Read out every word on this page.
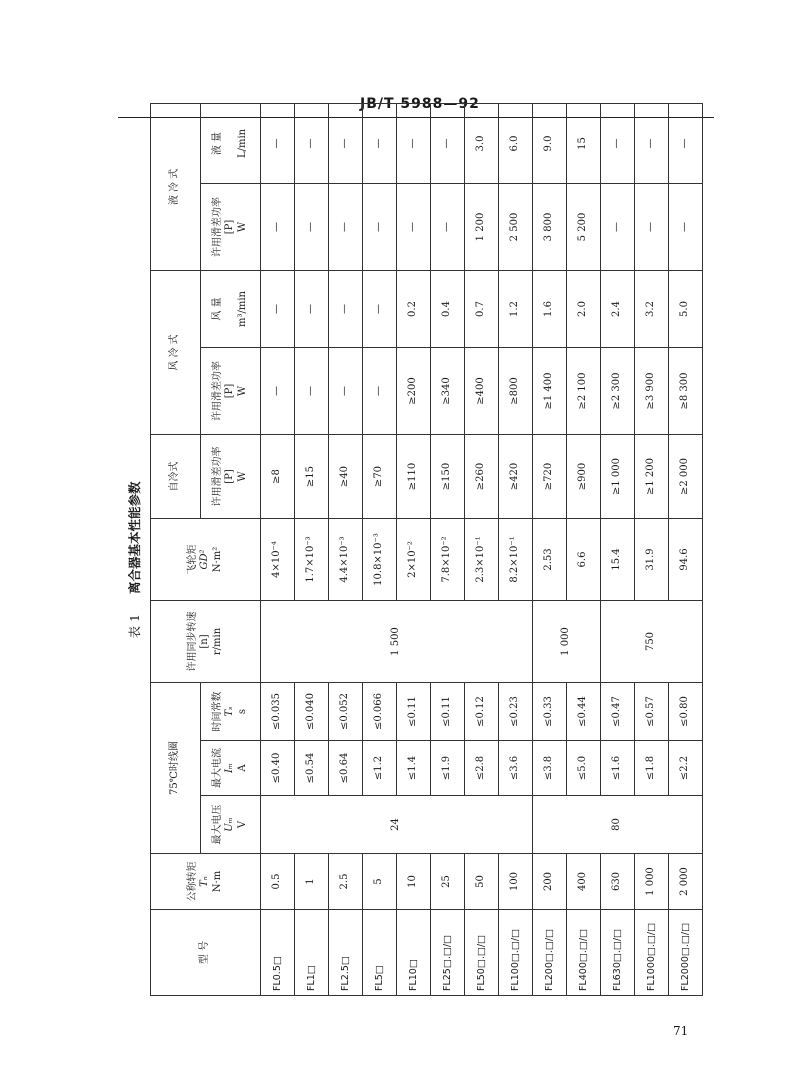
JB/T 5988—92
表 1离合器基本性能参数
型 号	公称转矩 Tₙ N·m	75℃时线圈			许用同步转速 [n] r/min	飞轮矩 GD² N·m²	自冷式	风 冷 式		液 冷 式	

		最大电压 Uₘ V	最大电流 Iₘ A	时间常数 Tₛ s			许用滑差功率 [P] W	许用滑差功率 [P] W	风 量 m³/min	许用滑差功率 [P] W	液 量 L/min
FL0.5□	0.5	24	≤0.40	≤0.035	1 500	4×10⁻⁴	≥8	—	—	—	—
FL1□	1		≤0.54	≤0.040		1.7×10⁻³	≥15	—	—	—	—
FL2.5□	2.5		≤0.64	≤0.052		4.4×10⁻³	≥40	—	—	—	—
FL5□	5		≤1.2	≤0.066		10.8×10⁻³	≥70	—	—	—	—
FL10□	10		≤1.4	≤0.11		2×10⁻²	≥110	≥200	0.2	—	—
FL25□.□/□	25		≤1.9	≤0.11		7.8×10⁻²	≥150	≥340	0.4	—	—
FL50□.□/□	50		≤2.8	≤0.12		2.3×10⁻¹	≥260	≥400	0.7	1 200	3.0
FL100□.□/□	100		≤3.6	≤0.23		8.2×10⁻¹	≥420	≥800	1.2	2 500	6.0
FL200□.□/□	200	80	≤3.8	≤0.33	1 000	2.53	≥720	≥1 400	1.6	3 800	9.0
FL400□.□/□	400		≤5.0	≤0.44		6.6	≥900	≥2 100	2.0	5 200	15
FL630□.□/□	630		≤1.6	≤0.47	750	15.4	≥1 000	≥2 300	2.4	—	—
FL1000□.□/□	1 000		≤1.8	≤0.57		31.9	≥1 200	≥3 900	3.2	—	—
FL2000□.□/□	2 000		≤2.2	≤0.80		94.6	≥2 000	≥8 300	5.0	—	—
71
